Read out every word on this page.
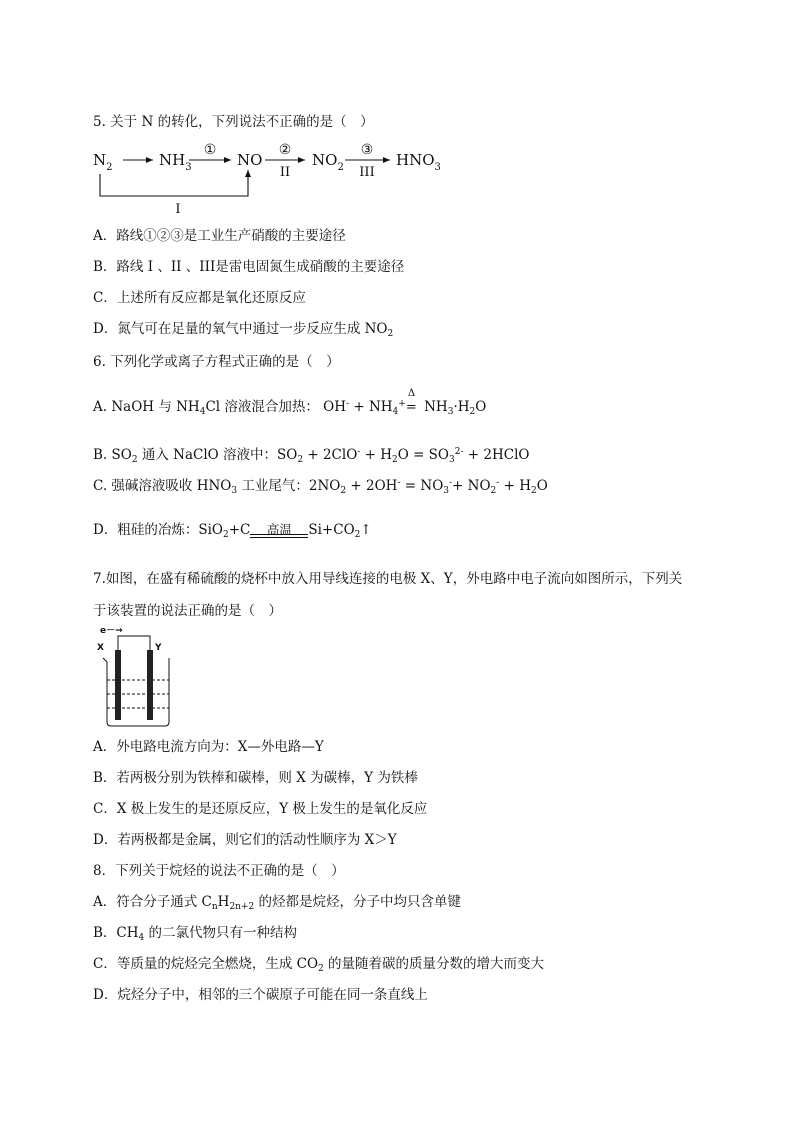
5. 关于 N 的转化，下列说法不正确的是（　）
$N_2$	$NH_3$	NO	$NO_2$	$HNO_3$
①	②	③
II	III
I
A．路线①②③是工业生产硝酸的主要途径
B．路线 I 、II 、III是雷电固氮生成硝酸的主要途径
C．上述所有反应都是氧化还原反应
D．氮气可在足量的氧气中通过一步反应生成 $NO_2$
6. 下列化学或离子方程式正确的是（　）
A. NaOH 与 $NH_4Cl$ 溶液混合加热： $OH^- + NH_4^+$
Δ
= $NH_3\cdot H_2O$
B. $SO_2$ 通入 NaClO 溶液中：$SO_2 + 2ClO^- + H_2O = SO_3^{2-}$ + 2HClO
C. 强碱溶液吸收 $HNO_3$ 工业尾气：$2NO_2 + 2OH^- = NO_3^-+ NO_2^- + H_2O$
D．粗硅的冶炼：SiO$_2$+C	高温	$Si+CO_2↑$
7.如图，在盛有稀硫酸的烧杯中放入用导线连接的电极 X、Y，外电路中电子流向如图所示，下列关
于该装置的说法正确的是（　）
e－→
X	Y
A．外电路电流方向为：X—外电路—Y
B．若两极分别为铁棒和碳棒，则 X 为碳棒，Y 为铁棒
C．X 极上发生的是还原反应，Y 极上发生的是氧化反应
D．若两极都是金属，则它们的活动性顺序为 X＞Y
8．下列关于烷烃的说法不正确的是（　）
A．符合分子通式 $C_nH_{2n+2}$ 的烃都是烷烃，分子中均只含单键
B．$CH_4$ 的二氯代物只有一种结构
C．等质量的烷烃完全燃烧，生成 $CO_2$ 的量随着碳的质量分数的增大而变大
D．烷烃分子中，相邻的三个碳原子可能在同一条直线上
